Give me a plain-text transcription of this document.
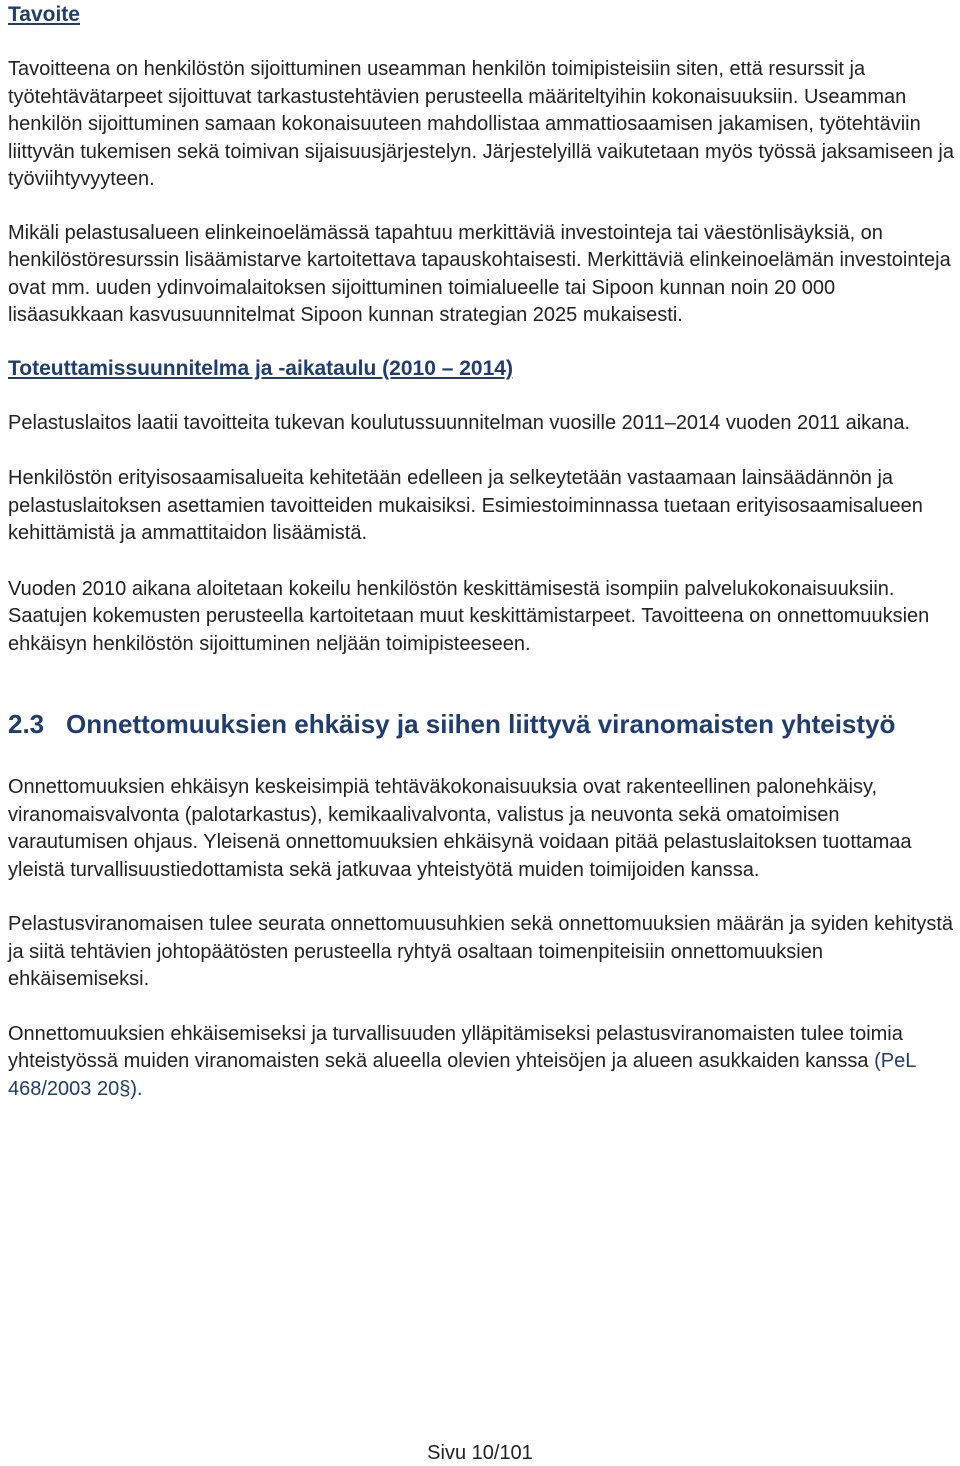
Tavoite

Tavoitteena on henkilöstön sijoittuminen useamman henkilön toimipisteisiin siten, että resurssit ja työtehtävätarpeet sijoittuvat tarkastustehtävien perusteella määriteltyihin kokonaisuuksiin. Useamman henkilön sijoittuminen samaan kokonaisuuteen mahdollistaa ammattiosaamisen jakamisen, työtehtäviin liittyvän tukemisen sekä toimivan sijaisuusjärjestelyn. Järjestelyillä vaikutetaan myös työssä jaksamiseen ja työviihtyvyyteen.

Mikäli pelastusalueen elinkeinoelämässä tapahtuu merkittäviä investointeja tai väestönlisäyksiä, on henkilöstöresurssin lisäämistarve kartoitettava tapauskohtaisesti. Merkittäviä elinkeinoelämän investointeja ovat mm. uuden ydinvoimalaitoksen sijoittuminen toimialueelle tai Sipoon kunnan noin 20 000 lisäasukkaan kasvusuunnitelmat Sipoon kunnan strategian 2025 mukaisesti.

Toteuttamissuunnitelma ja -aikataulu (2010 – 2014)

Pelastuslaitos laatii tavoitteita tukevan koulutussuunnitelman vuosille 2011–2014 vuoden 2011 aikana.

Henkilöstön erityisosaamisalueita kehitetään edelleen ja selkeytetään vastaamaan lainsäädännön ja pelastuslaitoksen asettamien tavoitteiden mukaisiksi. Esimiestoiminnassa tuetaan erityisosaamisalueen kehittämistä ja ammattitaidon lisäämistä.

Vuoden 2010 aikana aloitetaan kokeilu henkilöstön keskittämisestä isompiin palvelukokonaisuuksiin. Saatujen kokemusten perusteella kartoitetaan muut keskittämistarpeet. Tavoitteena on onnettomuuksien ehkäisyn henkilöstön sijoittuminen neljään toimipisteeseen.

2.3 Onnettomuuksien ehkäisy ja siihen liittyvä viranomaisten yhteistyö

Onnettomuuksien ehkäisyn keskeisimpiä tehtäväkokonaisuuksia ovat rakenteellinen palonehkäisy, viranomaisvalvonta (palotarkastus), kemikaalivalvonta, valistus ja neuvonta sekä omatoimisen varautumisen ohjaus. Yleisenä onnettomuuksien ehkäisynä voidaan pitää pelastuslaitoksen tuottamaa yleistä turvallisuustiedottamista sekä jatkuvaa yhteistyötä muiden toimijoiden kanssa.

Pelastusviranomaisen tulee seurata onnettomuusuhkien sekä onnettomuuksien määrän ja syiden kehitystä ja siitä tehtävien johtopäätösten perusteella ryhtyä osaltaan toimenpiteisiin onnettomuuksien ehkäisemiseksi.

Onnettomuuksien ehkäisemiseksi ja turvallisuuden ylläpitämiseksi pelastusviranomaisten tulee toimia yhteistyössä muiden viranomaisten sekä alueella olevien yhteisöjen ja alueen asukkaiden kanssa (PeL 468/2003 20§).

Sivu 10/101
